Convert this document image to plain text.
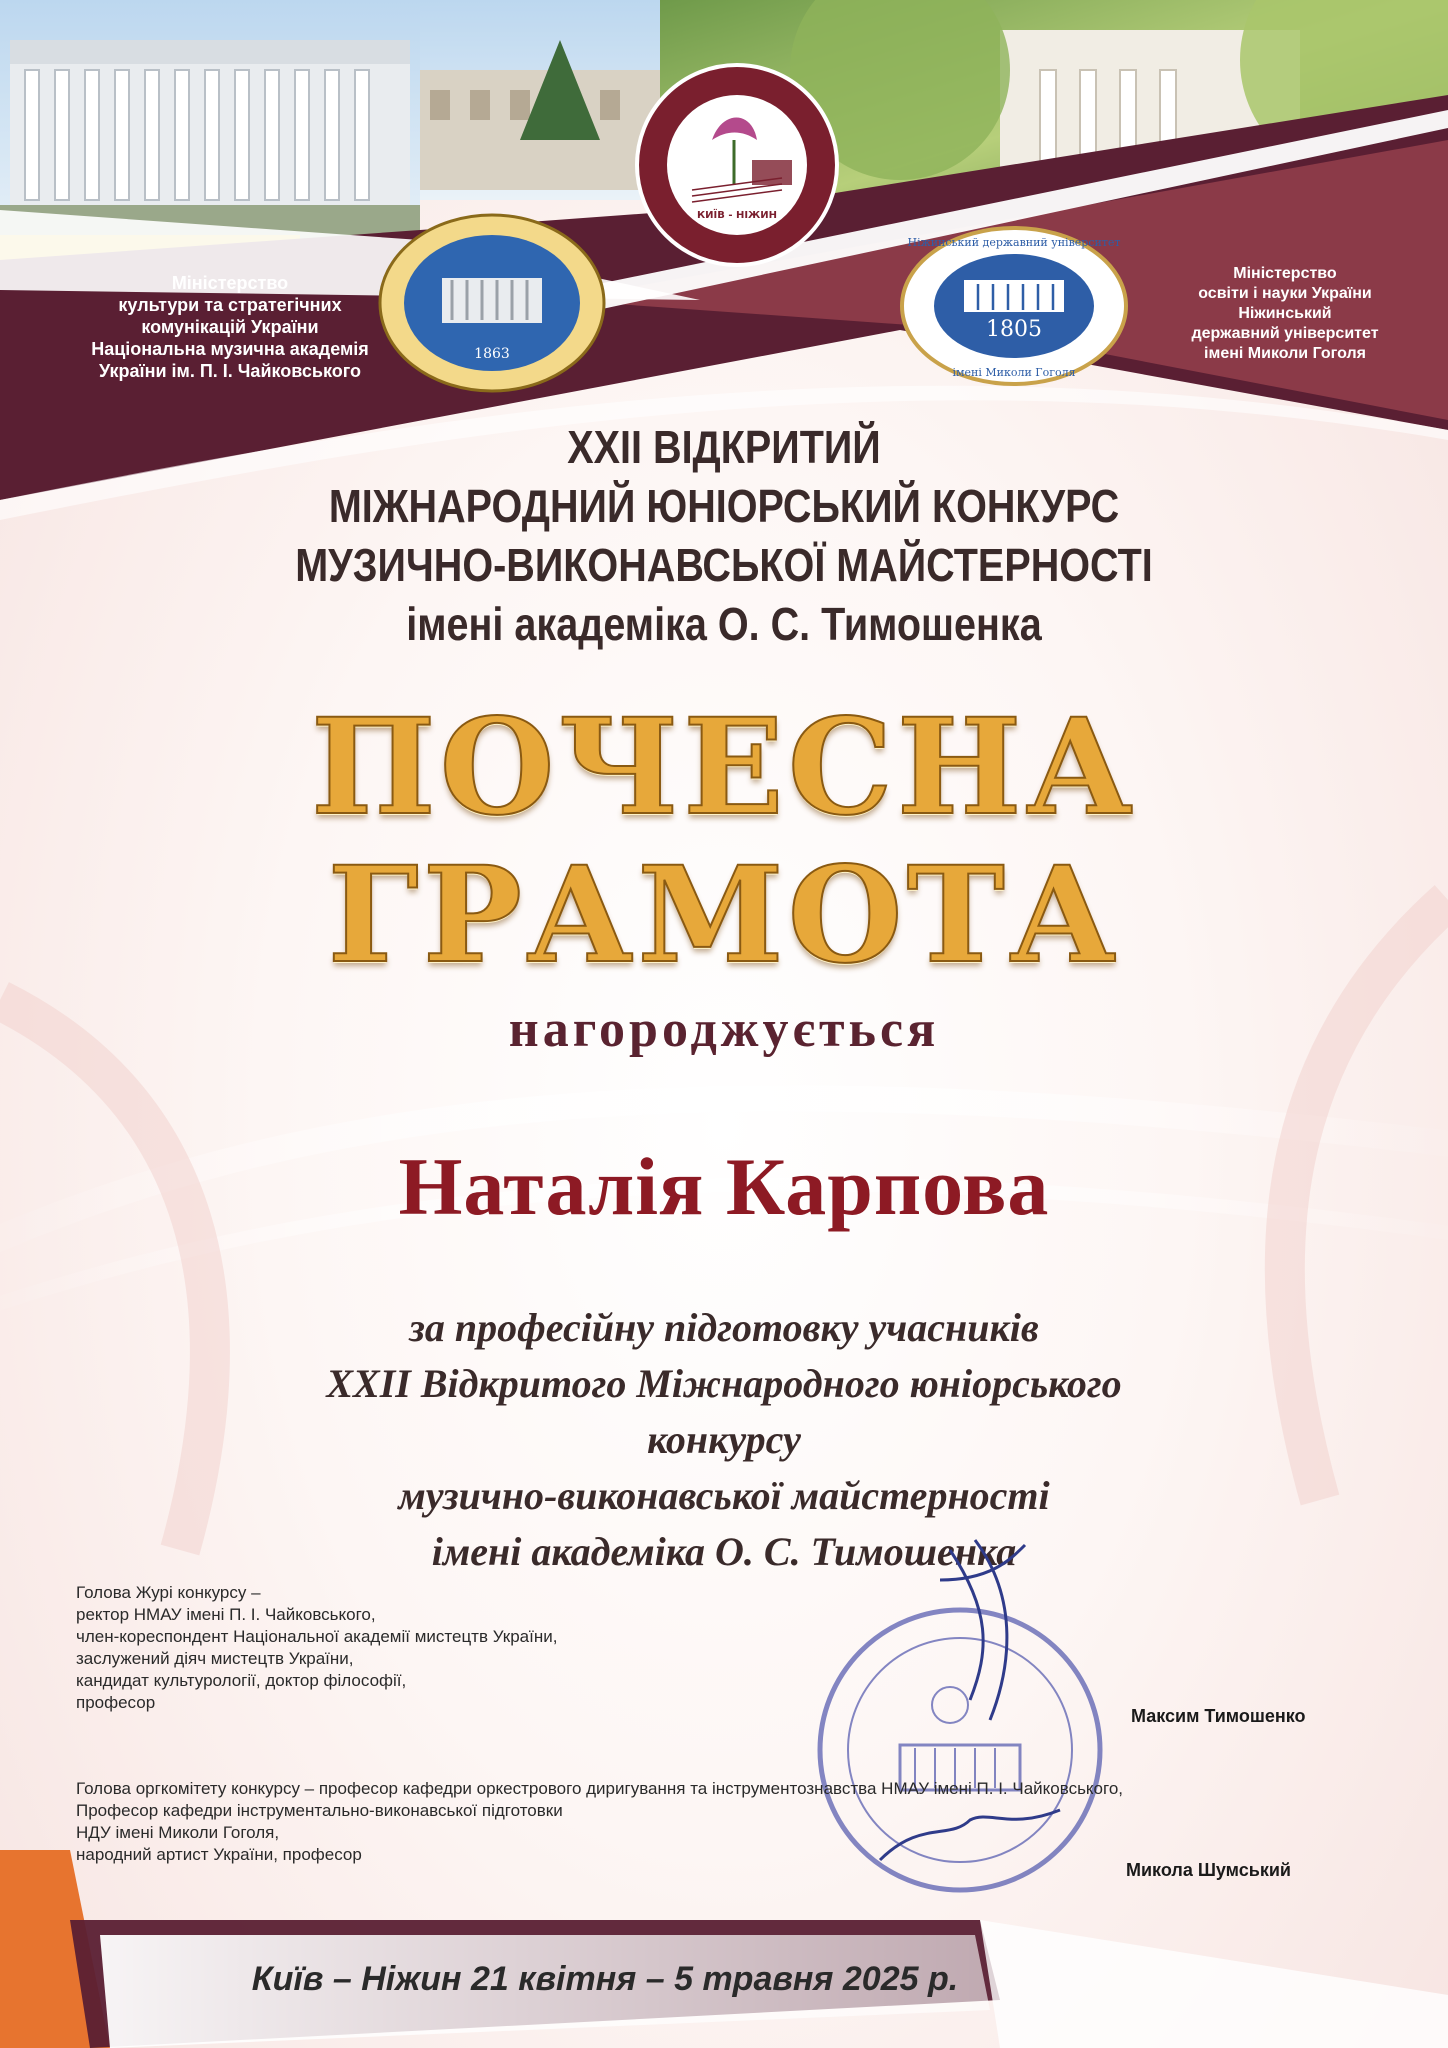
1863
КИЇВ - НІЖИН
1805
Ніжинський державний університет
імені Миколи Гоголя
Міністерство
культури та стратегічних
комунікацій України
Національна музична академія
України ім. П. І. Чайковського
Міністерство
освіти і науки України
Ніжинський
державний університет
імені Миколи Гоголя
XXII ВІДКРИТИЙ
МІЖНАРОДНИЙ ЮНІОРСЬКИЙ КОНКУРС
МУЗИЧНО-ВИКОНАВСЬКОЇ МАЙСТЕРНОСТІ
імені академіка О. С. Тимошенка
ПОЧЕСНА
ГРАМОТА
нагороджується
Наталія Карпова
за професійну підготовку учасників
XXII Відкритого Міжнародного юніорського
конкурсу
музично-виконавської майстерності
імені академіка О. С. Тимошенка
Голова Журі конкурсу –
ректор НМАУ імені П. І. Чайковського,
член-кореспондент Національної академії мистецтв України,
заслужений діяч мистецтв України,
кандидат культурології, доктор філософії,
професор
Максим Тимошенко
Голова оргкомітету конкурсу – професор кафедри оркестрового диригування та інструментознавства НМАУ імені П. І. Чайковського,
Професор кафедри інструментально-виконавської підготовки
НДУ імені Миколи Гоголя,
народний артист України, професор
Микола Шумський
Київ – Ніжин 21 квітня – 5 травня 2025 р.
